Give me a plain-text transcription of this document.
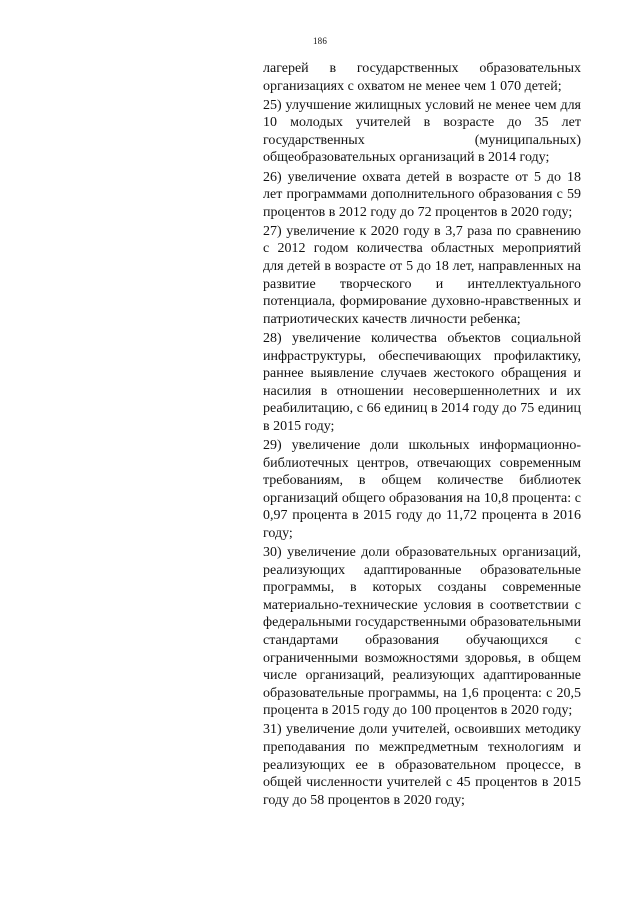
186

лагерей в государственных образовательных организациях с охватом не менее чем 1 070 детей;

25) улучшение жилищных условий не менее чем для 10 молодых учителей в возрасте до 35 лет государственных (муниципальных) общеобразовательных организаций в 2014 году;

26) увеличение охвата детей в возрасте от 5 до 18 лет программами дополнительного образования с 59 процентов в 2012 году до 72 процентов в 2020 году;

27) увеличение к 2020 году в 3,7 раза по сравнению с 2012 годом количества областных мероприятий для детей в возрасте от 5 до 18 лет, направленных на развитие творческого и интеллектуального потенциала, формирование духовно-нравственных и патриотических качеств личности ребенка;

28) увеличение количества объектов социальной инфраструктуры, обеспечивающих профилактику, раннее выявление случаев жестокого обращения и насилия в отношении несовершеннолетних и их реабилитацию, с 66 единиц в 2014 году до 75 единиц в 2015 году;

29) увеличение доли школьных информационно-библиотечных центров, отвечающих современным требованиям, в общем количестве библиотек организаций общего образования на 10,8 процента: с 0,97 процента в 2015 году до 11,72 процента в 2016 году;

30) увеличение доли образовательных организаций, реализующих адаптированные образовательные программы, в которых созданы современные материально-технические условия в соответствии с федеральными государственными образовательными стандартами образования обучающихся с ограниченными возможностями здоровья, в общем числе организаций, реализующих адаптированные образовательные программы, на 1,6 процента: с 20,5 процента в 2015 году до 100 процентов в 2020 году;

31) увеличение доли учителей, освоивших методику преподавания по межпредметным технологиям и реализующих ее в образовательном процессе, в общей численности учителей с 45 процентов в 2015 году до 58 процентов в 2020 году;
